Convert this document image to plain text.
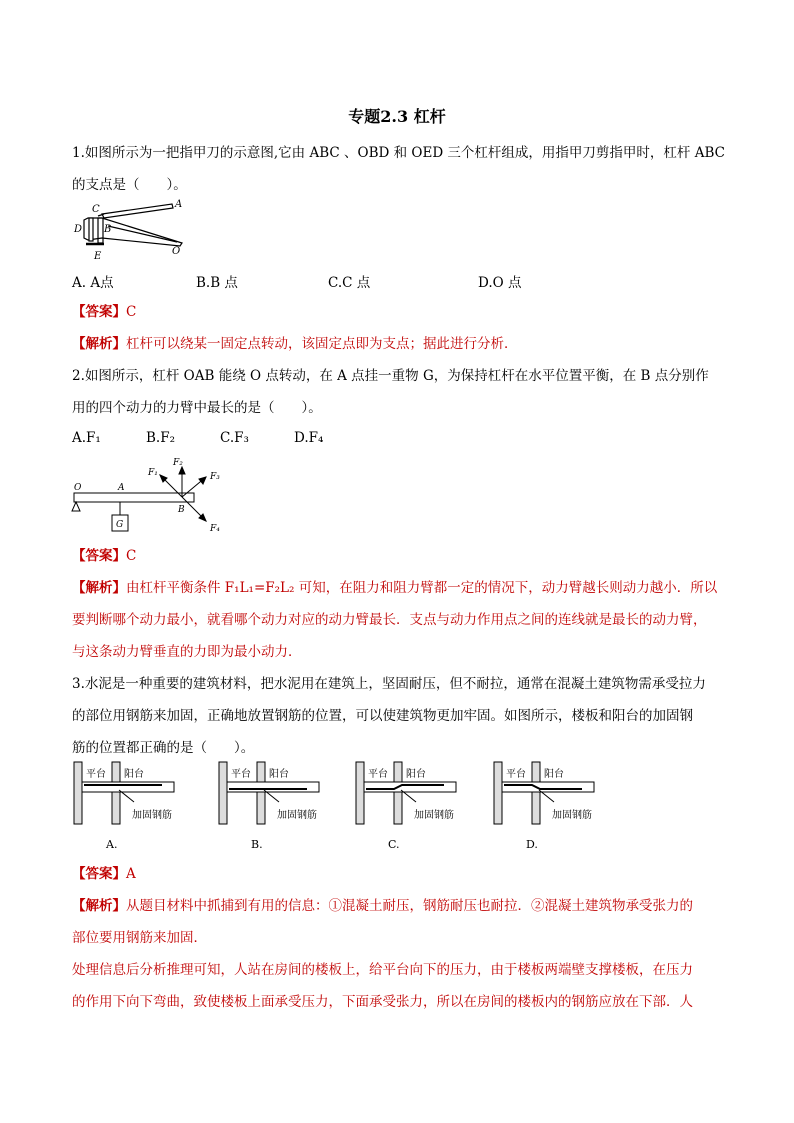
专题2.3 杠杆
1.如图所示为一把指甲刀的示意图,它由 ABC 、OBD 和 OED 三个杠杆组成，用指甲刀剪指甲时，杠杆 ABC
的支点是（　　）。
C	A
D B
O
E
A. A点	B.B 点	C.C 点	D.O 点
【答案】C
【解析】杠杆可以绕某一固定点转动，该固定点即为支点；据此进行分析．
2.如图所示，杠杆 OAB 能绕 O 点转动，在 A 点挂一重物 G，为保持杠杆在水平位置平衡，在 B 点分别作
用的四个动力的力臂中最长的是（　　）。
A.F₁	B.F₂	C.F₃	D.F₄
O	A
B
G
F₁
F₂
F₃
F₄
【答案】C
【解析】由杠杆平衡条件 F₁L₁=F₂L₂ 可知，在阻力和阻力臂都一定的情况下，动力臂越长则动力越小．所以
要判断哪个动力最小，就看哪个动力对应的动力臂最长．支点与动力作用点之间的连线就是最长的动力臂，
与这条动力臂垂直的力即为最小动力．
3.水泥是一种重要的建筑材料，把水泥用在建筑上，坚固耐压，但不耐拉，通常在混凝土建筑物需承受拉力
的部位用钢筋来加固，正确地放置钢筋的位置，可以使建筑物更加牢固。如图所示，楼板和阳台的加固钢
筋的位置都正确的是（　　）。
平台 阳台
加固钢筋
A.
平台 阳台
加固钢筋
B.
平台 阳台
加固钢筋
C.
平台 阳台
加固钢筋
D.
【答案】A
【解析】从题目材料中抓捕到有用的信息：①混凝土耐压，钢筋耐压也耐拉．②混凝土建筑物承受张力的
部位要用钢筋来加固．
处理信息后分析推理可知，人站在房间的楼板上，给平台向下的压力，由于楼板两端壁支撑楼板，在压力
的作用下向下弯曲，致使楼板上面承受压力，下面承受张力，所以在房间的楼板内的钢筋应放在下部．人
